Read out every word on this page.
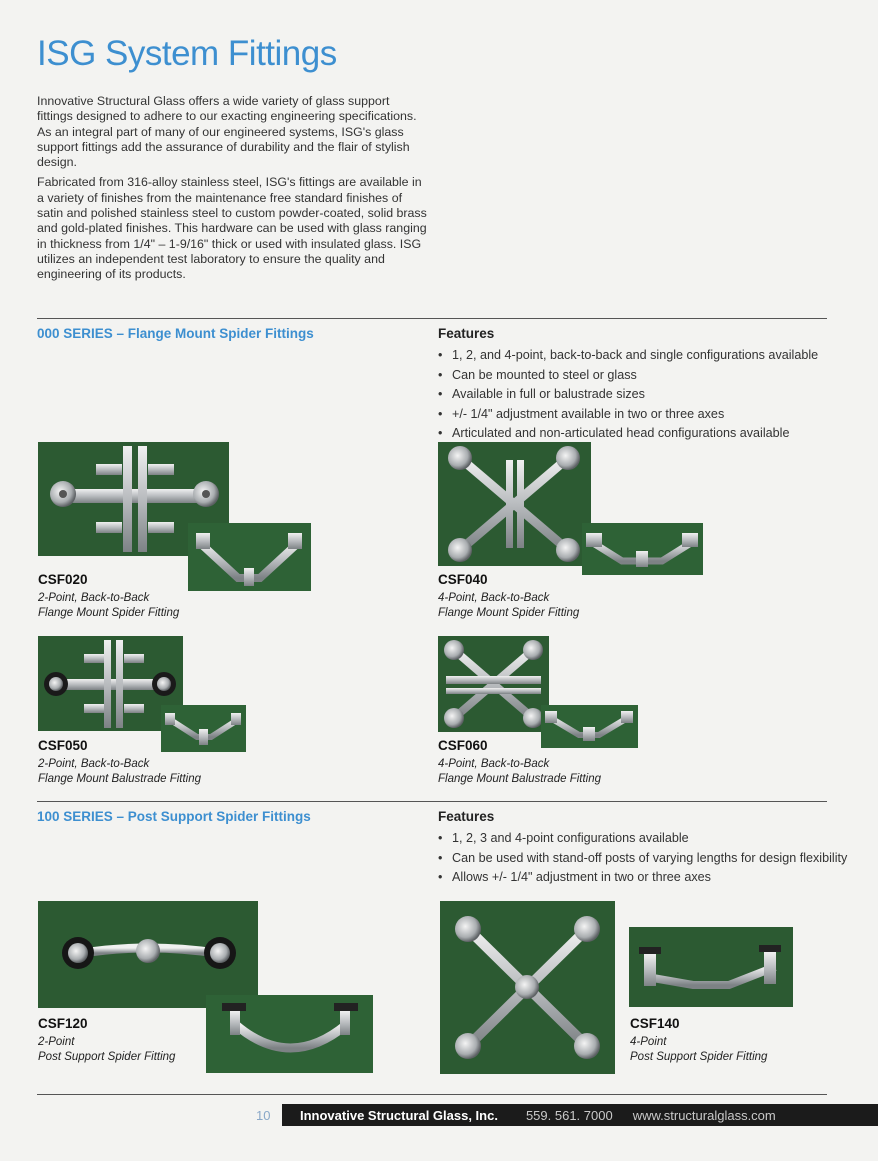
ISG System Fittings

Innovative Structural Glass offers a wide variety of glass support fittings designed to adhere to our exacting engineering specifications. As an integral part of many of our engineered systems, ISG's glass support fittings add the assurance of durability and the flair of stylish design.

Fabricated from 316-alloy stainless steel, ISG's fittings are available in a variety of finishes from the maintenance free standard finishes of satin and polished stainless steel to custom powder-coated, solid brass and gold-plated finishes. This hardware can be used with glass ranging in thickness from 1/4" – 1-9/16" thick or used with insulated glass. ISG utilizes an independent test laboratory to ensure the quality and engineering of its products.

000 SERIES – Flange Mount Spider Fittings	Features
• 1, 2, and 4-point, back-to-back and single configurations available
• Can be mounted to steel or glass
• Available in full or balustrade sizes
• +/- 1/4" adjustment available in two or three axes
• Articulated and non-articulated head configurations available
CSF020
2-Point, Back-to-Back
Flange Mount Spider Fitting
CSF040
4-Point, Back-to-Back
Flange Mount Spider Fitting
CSF050
2-Point, Back-to-Back
Flange Mount Balustrade Fitting
CSF060
4-Point, Back-to-Back
Flange Mount Balustrade Fitting
100 SERIES – Post Support Spider Fittings	Features
• 1, 2, 3 and 4-point configurations available
• Can be used with stand-off posts of varying lengths for design flexibility
• Allows +/- 1/4" adjustment in two or three axes
CSF120
2-Point
Post Support Spider Fitting
CSF140
4-Point
Post Support Spider Fitting
10	Innovative Structural Glass, Inc.	559. 561. 7000	www.structuralglass.com
